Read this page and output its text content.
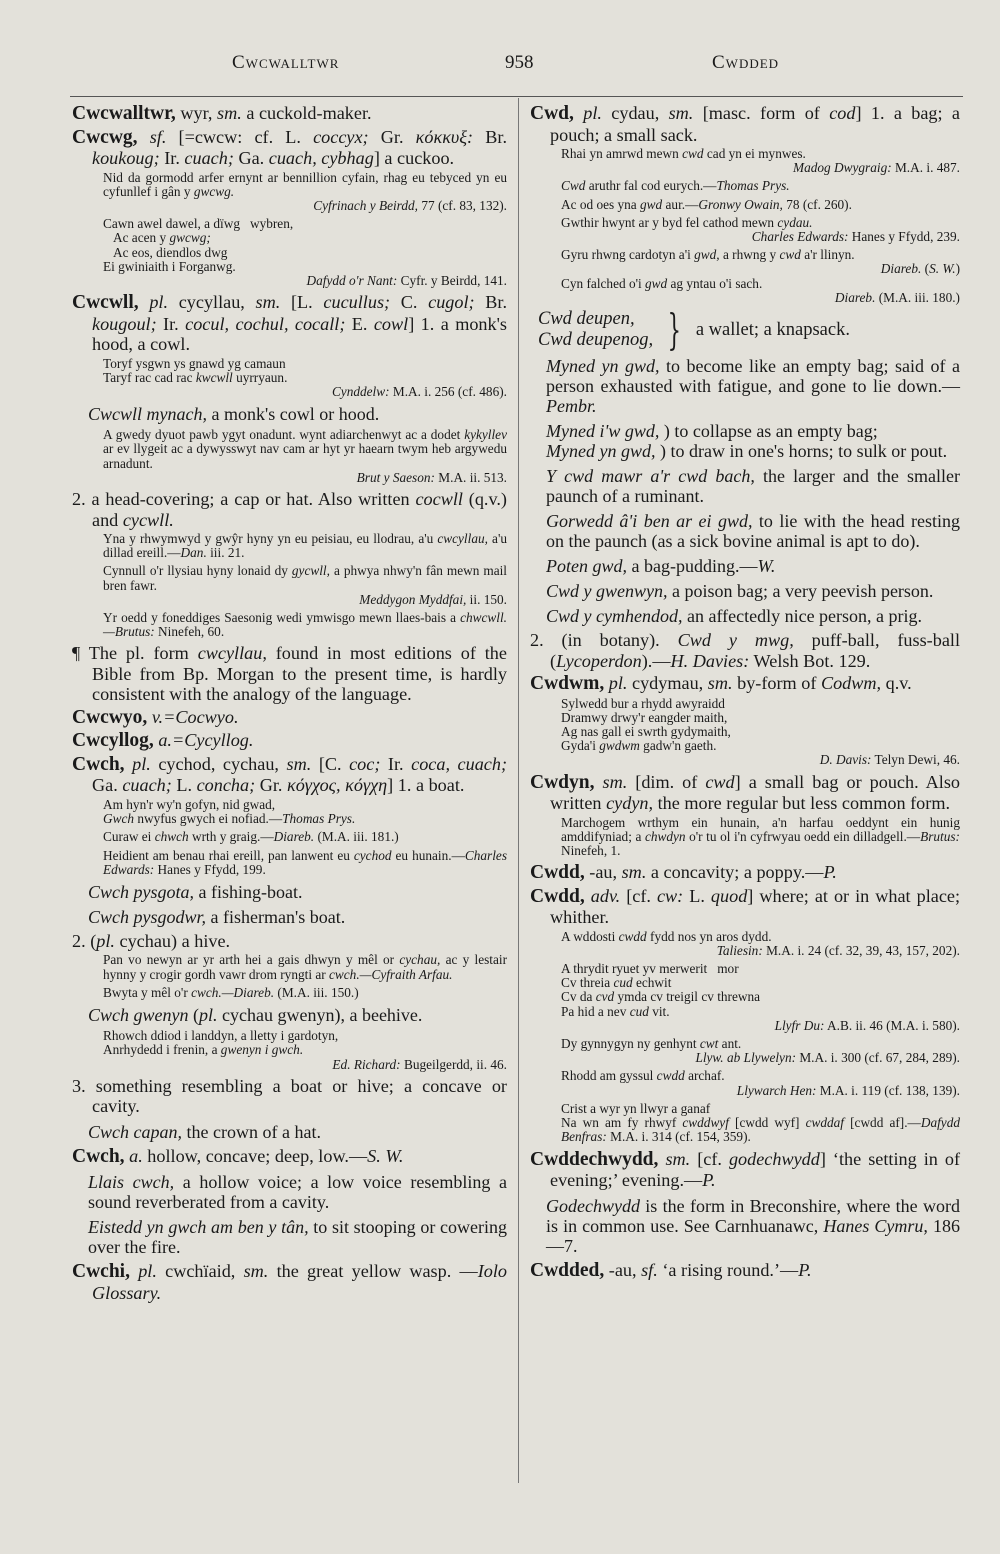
Cwcwalltwr	958	Cwdded

Cwcwalltwr, wyr, sm. a cuckold-maker.

Cwcwg, sf. [=cwcw: cf. L. coccyx; Gr. κόκκυξ: Br. koukoug; Ir. cuach; Ga. cuach, cybhag] a cuckoo.

Nid da gormodd arfer ernynt ar bennillion cyfain, rhag eu tebyced yn eu cyfunllef i gân y gwcwg.
Cyfrinach y Beirdd, 77 (cf. 83, 132).
Cawn awel dawel, a dïwg   wybren,
Ac acen y gwcwg;
Ac eos, diendlos dwg
Ei gwiniaith i Forganwg.
Dafydd o'r Nant: Cyfr. y Beirdd, 141.

Cwcwll, pl. cycyllau, sm. [L. cucullus; C. cugol; Br. kougoul; Ir. cocul, cochul, cocall; E. cowl] 1. a monk's hood, a cowl.

Toryf ysgwn ys gnawd yg camaun
Taryf rac cad rac kwcwll uyrryaun.
Cynddelw: M.A. i. 256 (cf. 486).

Cwcwll mynach, a monk's cowl or hood.

A gwedy dyuot pawb ygyt onadunt. wynt adiarchenwyt ac a dodet kykyllev ar ev llygeit ac a dywysswyt nav cam ar hyt yr haearn twym heb argywedu arnadunt.
Brut y Saeson: M.A. ii. 513.

2. a head-covering; a cap or hat. Also written cocwll (q.v.) and cycwll.

Yna y rhwymwyd y gwŷr hyny yn eu peisiau, eu llodrau, a'u cwcyllau, a'u dillad ereill.—Dan. iii. 21.
Cynnull o'r llysiau hyny lonaid dy gycwll, a phwya nhwy'n fân mewn mail bren fawr.
Meddygon Myddfai, ii. 150.
Yr oedd y foneddiges Saesonig wedi ymwisgo mewn llaes-bais a chwcwll.—Brutus: Ninefeh, 60.

¶ The pl. form cwcyllau, found in most editions of the Bible from Bp. Morgan to the present time, is hardly consistent with the analogy of the language.

Cwcwyo, v.=Cocwyo.

Cwcyllog, a.=Cycyllog.

Cwch, pl. cychod, cychau, sm. [C. coc; Ir. coca, cuach; Ga. cuach; L. concha; Gr. κόγχος, κόγχη] 1. a boat.

Am hyn'r wy'n gofyn, nid gwad,
Gwch nwyfus gwych ei nofiad.—Thomas Prys.
Curaw ei chwch wrth y graig.—Diareb. (M.A. iii. 181.)
Heidient am benau rhai ereill, pan lanwent eu cychod eu hunain.—Charles Edwards: Hanes y Ffydd, 199.

Cwch pysgota, a fishing-boat.

Cwch pysgodwr, a fisherman's boat.

2. (pl. cychau) a hive.

Pan vo newyn ar yr arth hei a gais dhwyn y mêl or cychau, ac y lestair hynny y crogir gordh vawr drom ryngti ar cwch.—Cyfraith Arfau.
Bwyta y mêl o'r cwch.—Diareb. (M.A. iii. 150.)

Cwch gwenyn (pl. cychau gwenyn), a beehive.

Rhowch ddiod i landdyn, a lletty i gardotyn,
Anrhydedd i frenin, a gwenyn i gwch.
Ed. Richard: Bugeilgerdd, ii. 46.

3. something resembling a boat or hive; a concave or cavity.

Cwch capan, the crown of a hat.

Cwch, a. hollow, concave; deep, low.—S. W.

Llais cwch, a hollow voice; a low voice resembling a sound reverberated from a cavity.

Eistedd yn gwch am ben y tân, to sit stooping or cowering over the fire.

Cwchi, pl. cwchïaid, sm. the great yellow wasp. —Iolo Glossary.

Cwd, pl. cydau, sm. [masc. form of cod] 1. a bag; a pouch; a small sack.

Rhai yn amrwd mewn cwd cad yn ei mynwes.
Madog Dwygraig: M.A. i. 487.
Cwd aruthr fal cod eurych.—Thomas Prys.
Ac od oes yna gwd aur.—Gronwy Owain, 78 (cf. 260).
Gwthir hwynt ar y byd fel cathod mewn cydau.
Charles Edwards: Hanes y Ffydd, 239.
Gyru rhwng cardotyn a'i gwd, a rhwng y cwd a'r llinyn.
Diareb. (S. W.)
Cyn falched o'i gwd ag yntau o'i sach.
Diareb. (M.A. iii. 180.)
Cwd deupen,
Cwd deupenog, } a wallet; a knapsack.

Myned yn gwd, to become like an empty bag; said of a person exhausted with fatigue, and gone to lie down.—Pembr.

Myned i'w gwd, ) to collapse as an empty bag;
Myned yn gwd, ) to draw in one's horns; to sulk or pout.

Y cwd mawr a'r cwd bach, the larger and the smaller paunch of a ruminant.

Gorwedd â'i ben ar ei gwd, to lie with the head resting on the paunch (as a sick bovine animal is apt to do).

Poten gwd, a bag-pudding.—W.

Cwd y gwenwyn, a poison bag; a very peevish person.

Cwd y cymhendod, an affectedly nice person, a prig.

2. (in botany). Cwd y mwg, puff-ball, fuss-ball (Lycoperdon).—H. Davies: Welsh Bot. 129.

Cwdwm, pl. cydymau, sm. by-form of Codwm, q.v.

Sylwedd bur a rhydd awyraidd
Dramwy drwy'r eangder maith,
Ag nas gall ei swrth gydymaith,
Gyda'i gwdwm gadw'n gaeth.
D. Davis: Telyn Dewi, 46.

Cwdyn, sm. [dim. of cwd] a small bag or pouch. Also written cydyn, the more regular but less common form.

Marchogem wrthym ein hunain, a'n harfau oeddynt ein hunig amddifyniad; a chwdyn o'r tu ol i'n cyfrwyau oedd ein dilladgell.—Brutus: Ninefeh, 1.

Cwdd, -au, sm. a concavity; a poppy.—P.

Cwdd, adv. [cf. cw: L. quod] where; at or in what place; whither.

A wddosti cwdd fydd nos yn aros dydd.
Taliesin: M.A. i. 24 (cf. 32, 39, 43, 157, 202).
A thrydit ryuet yv merwerit   mor
Cv threia cud echwit
Cv da cvd ymda cv treigil cv threwna
Pa hid a nev cud vit.
Llyfr Du: A.B. ii. 46 (M.A. i. 580).
Dy gynnygyn ny genhynt cwt ant.
Llyw. ab Llywelyn: M.A. i. 300 (cf. 67, 284, 289).
Rhodd am gyssul cwdd archaf.
Llywarch Hen: M.A. i. 119 (cf. 138, 139).
Crist a wyr yn llwyr a ganaf
Na wn am fy rhwyf cwddwyf [cwdd wyf] cwddaf [cwdd af].—Dafydd Benfras: M.A. i. 314 (cf. 154, 359).

Cwddechwydd, sm. [cf. godechwydd] ‘the setting in of evening;’ evening.—P.

Godechwydd is the form in Breconshire, where the word is in common use. See Carnhuanawc, Hanes Cymru, 186—7.

Cwdded, -au, sf. ‘a rising round.’—P.
